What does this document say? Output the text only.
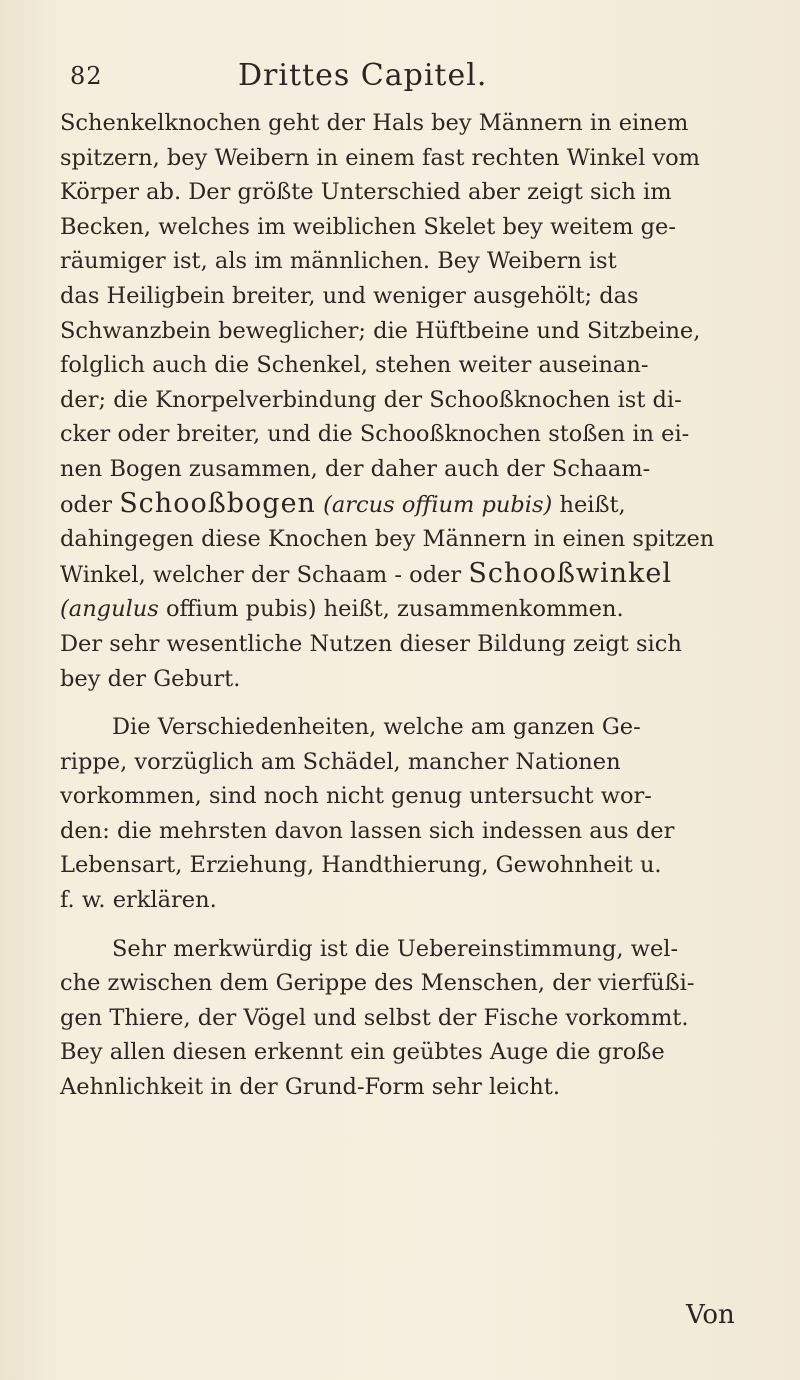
82	Drittes Capitel.

Schenkelknochen geht der Hals bey Männern in einem

spitzern, bey Weibern in einem fast rechten Winkel vom

Körper ab. Der größte Unterschied aber zeigt sich im

Becken, welches im weiblichen Skelet bey weitem ge-

räumiger ist, als im männlichen. Bey Weibern ist

das Heiligbein breiter, und weniger ausgehölt; das

Schwanzbein beweglicher; die Hüftbeine und Sitzbeine,

folglich auch die Schenkel, stehen weiter auseinan-

der; die Knorpelverbindung der Schooßknochen ist di-

cker oder breiter, und die Schooßknochen stoßen in ei-

nen Bogen zusammen, der daher auch der Schaam-

oder Schooßbogen (arcus offium pubis) heißt,

dahingegen diese Knochen bey Männern in einen spitzen

Winkel, welcher der Schaam - oder Schooßwinkel

(angulus offium pubis) heißt, zusammenkommen.

Der sehr wesentliche Nutzen dieser Bildung zeigt sich

bey der Geburt.

Die Verschiedenheiten, welche am ganzen Ge-

rippe, vorzüglich am Schädel, mancher Nationen

vorkommen, sind noch nicht genug untersucht wor-

den: die mehrsten davon lassen sich indessen aus der

Lebensart, Erziehung, Handthierung, Gewohnheit u.

f. w. erklären.

Sehr merkwürdig ist die Uebereinstimmung, wel-

che zwischen dem Gerippe des Menschen, der vierfüßi-

gen Thiere, der Vögel und selbst der Fische vorkommt.

Bey allen diesen erkennt ein geübtes Auge die große

Aehnlichkeit in der Grund-Form sehr leicht.

Von
